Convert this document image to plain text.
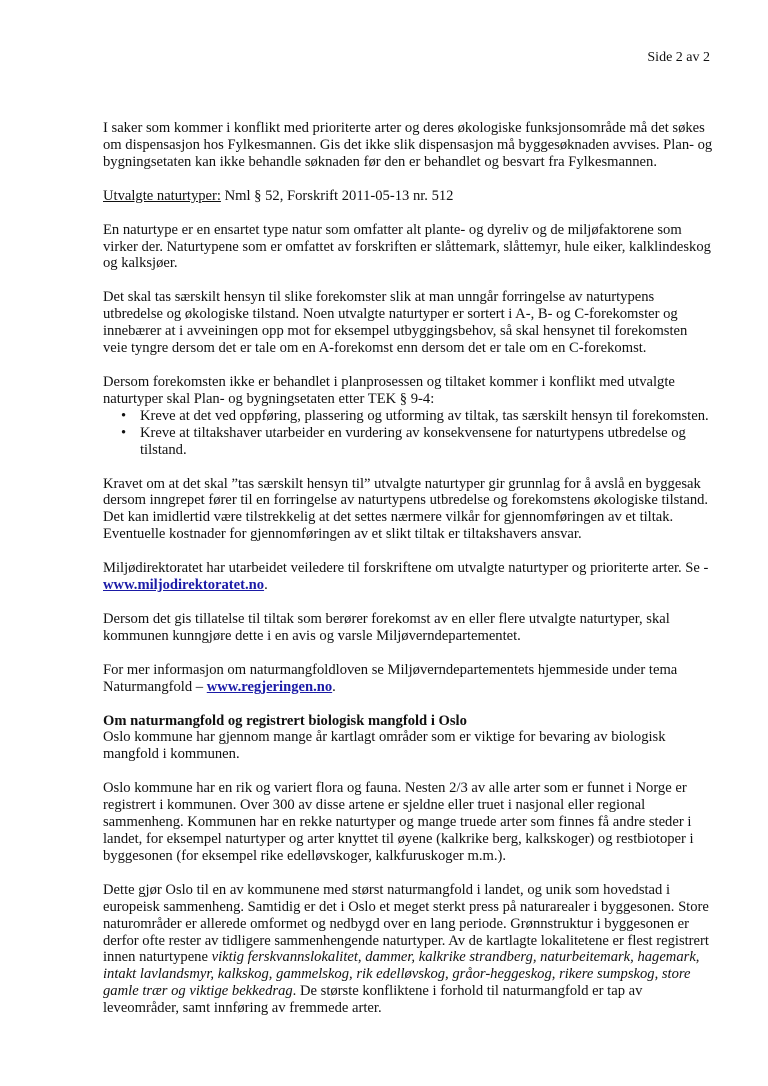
Side 2 av 2

I saker som kommer i konflikt med prioriterte arter og deres økologiske funksjonsområde må det søkes om dispensasjon hos Fylkesmannen. Gis det ikke slik dispensasjon må byggesøknaden avvises. Plan- og bygningsetaten kan ikke behandle søknaden før den er behandlet og besvart fra Fylkesmannen.

Utvalgte naturtyper: Nml § 52, Forskrift 2011-05-13 nr. 512

En naturtype er en ensartet type natur som omfatter alt plante- og dyreliv og de miljøfaktorene som virker der. Naturtypene som er omfattet av forskriften er slåttemark, slåttemyr, hule eiker, kalklindeskog og kalksjøer.

Det skal tas særskilt hensyn til slike forekomster slik at man unngår forringelse av naturtypens utbredelse og økologiske tilstand. Noen utvalgte naturtyper er sortert i A-, B- og C-forekomster og innebærer at i avveiningen opp mot for eksempel utbyggingsbehov, så skal hensynet til forekomsten veie tyngre dersom det er tale om en A-forekomst enn dersom det er tale om en C-forekomst.

Dersom forekomsten ikke er behandlet i planprosessen og tiltaket kommer i konflikt med utvalgte naturtyper skal Plan- og bygningsetaten etter TEK § 9-4:
• Kreve at det ved oppføring, plassering og utforming av tiltak, tas særskilt hensyn til forekomsten.
• Kreve at tiltakshaver utarbeider en vurdering av konsekvensene for naturtypens utbredelse og tilstand.

Kravet om at det skal ”tas særskilt hensyn til” utvalgte naturtyper gir grunnlag for å avslå en byggesak dersom inngrepet fører til en forringelse av naturtypens utbredelse og forekomstens økologiske tilstand. Det kan imidlertid være tilstrekkelig at det settes nærmere vilkår for gjennomføringen av et tiltak. Eventuelle kostnader for gjennomføringen av et slikt tiltak er tiltakshavers ansvar.

Miljødirektoratet har utarbeidet veiledere til forskriftene om utvalgte naturtyper og prioriterte arter. Se - www.miljodirektoratet.no.

Dersom det gis tillatelse til tiltak som berører forekomst av en eller flere utvalgte naturtyper, skal kommunen kunngjøre dette i en avis og varsle Miljøverndepartementet.

For mer informasjon om naturmangfoldloven se Miljøverndepartementets hjemmeside under tema Naturmangfold – www.regjeringen.no.

Om naturmangfold og registrert biologisk mangfold i Oslo
Oslo kommune har gjennom mange år kartlagt områder som er viktige for bevaring av biologisk mangfold i kommunen.

Oslo kommune har en rik og variert flora og fauna. Nesten 2/3 av alle arter som er funnet i Norge er registrert i kommunen. Over 300 av disse artene er sjeldne eller truet i nasjonal eller regional sammenheng. Kommunen har en rekke naturtyper og mange truede arter som finnes få andre steder i landet, for eksempel naturtyper og arter knyttet til øyene (kalkrike berg, kalkskoger) og restbiotoper i byggesonen (for eksempel rike edelløvskoger, kalkfuruskoger m.m.).

Dette gjør Oslo til en av kommunene med størst naturmangfold i landet, og unik som hovedstad i europeisk sammenheng. Samtidig er det i Oslo et meget sterkt press på naturarealer i byggesonen. Store naturområder er allerede omformet og nedbygd over en lang periode. Grønnstruktur i byggesonen er derfor ofte rester av tidligere sammenhengende naturtyper. Av de kartlagte lokalitetene er flest registrert innen naturtypene viktig ferskvannslokalitet, dammer, kalkrike strandberg, naturbeitemark, hagemark, intakt lavlandsmyr, kalkskog, gammelskog, rik edelløvskog, gråor-heggeskog, rikere sumpskog, store gamle trær og viktige bekkedrag. De største konfliktene i forhold til naturmangfold er tap av leveområder, samt innføring av fremmede arter.
